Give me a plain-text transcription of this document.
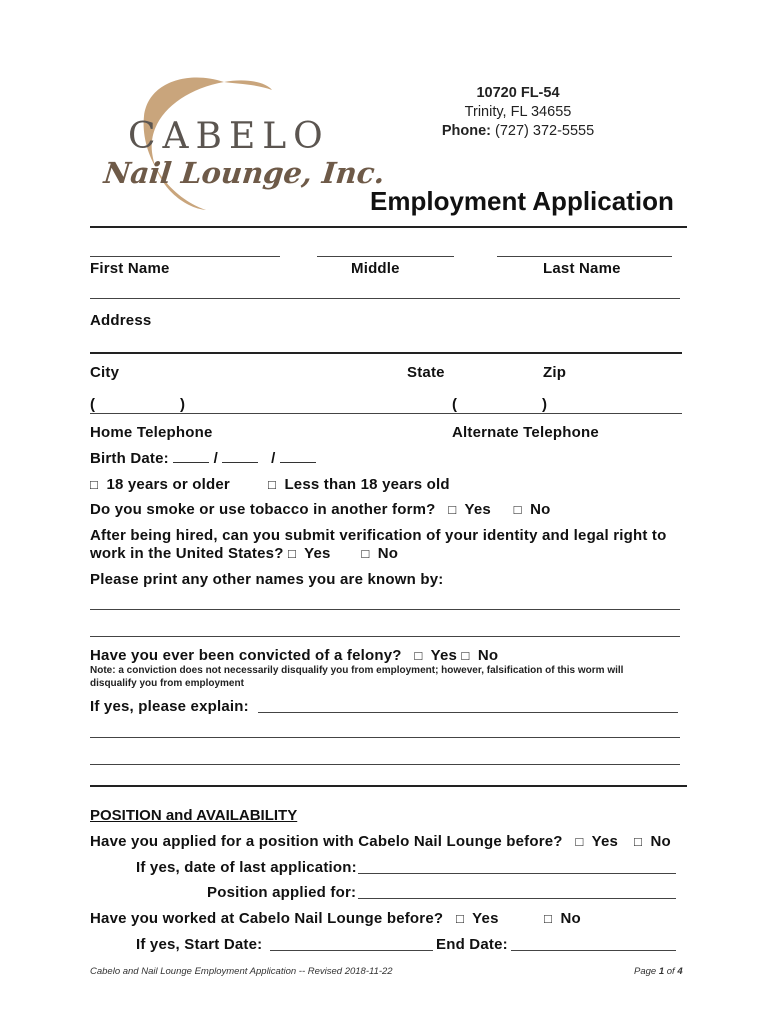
CABELO
Nail Lounge, Inc.
10720 FL-54
Trinity, FL 34655
Phone: (727) 372-5555
Employment Application
First Name	Middle	Last Name
Address
City	State	Zip
(	)	(	)
Home Telephone	Alternate Telephone
Birth Date:	/	/
□ 18 years or older	□ Less than 18 years old
Do you smoke or use tobacco in another form? □ Yes □ No
After being hired, can you submit verification of your identity and legal right to
work in the United States? □ Yes □ No
Please print any other names you are known by:
Have you ever been convicted of a felony? □ Yes □ No
Note: a conviction does not necessarily disqualify you from employment; however, falsification of this worm will
disqualify you from employment
If yes, please explain:
POSITION and AVAILABILITY
Have you applied for a position with Cabelo Nail Lounge before? □ Yes □ No
If yes, date of last application:
Position applied for:
Have you worked at Cabelo Nail Lounge before? □ Yes	□ No
If yes, Start Date:	End Date:
Cabelo and Nail Lounge Employment Application -- Revised 2018-11-22	Page 1 of 4
